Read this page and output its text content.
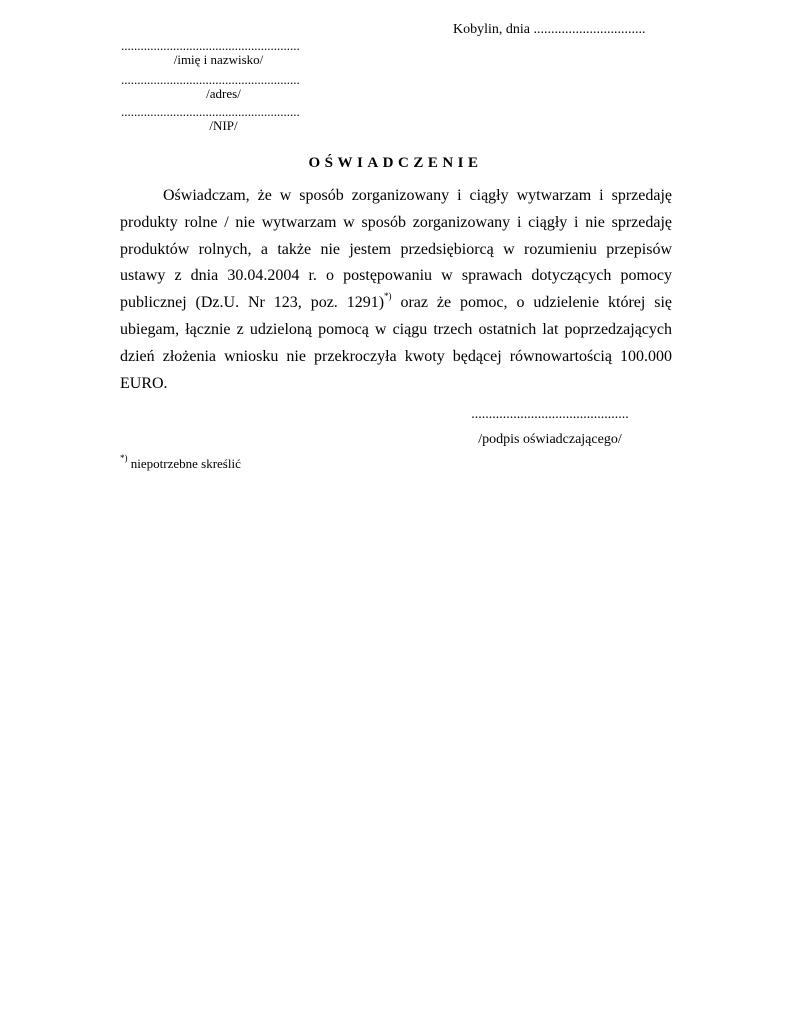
Kobylin, dnia ................................
.......................................................
/imię i nazwisko/
.......................................................
/adres/
.......................................................
/NIP/
OŚWIADCZENIE

Oświadczam, że w sposób zorganizowany i ciągły wytwarzam i sprzedaję produkty rolne / nie wytwarzam w sposób zorganizowany i ciągły i nie sprzedaję produktów rolnych, a także nie jestem przedsiębiorcą w rozumieniu przepisów ustawy z dnia 30.04.2004 r. o postępowaniu w sprawach dotyczących pomocy publicznej (Dz.U. Nr 123, poz. 1291)*) oraz że pomoc, o udzielenie której się ubiegam, łącznie z udzieloną pomocą w ciągu trzech ostatnich lat poprzedzających dzień złożenia wniosku nie przekroczyła kwoty będącej równowartością 100.000 EURO.

.............................................
/podpis oświadczającego/
*) niepotrzebne skreślić
